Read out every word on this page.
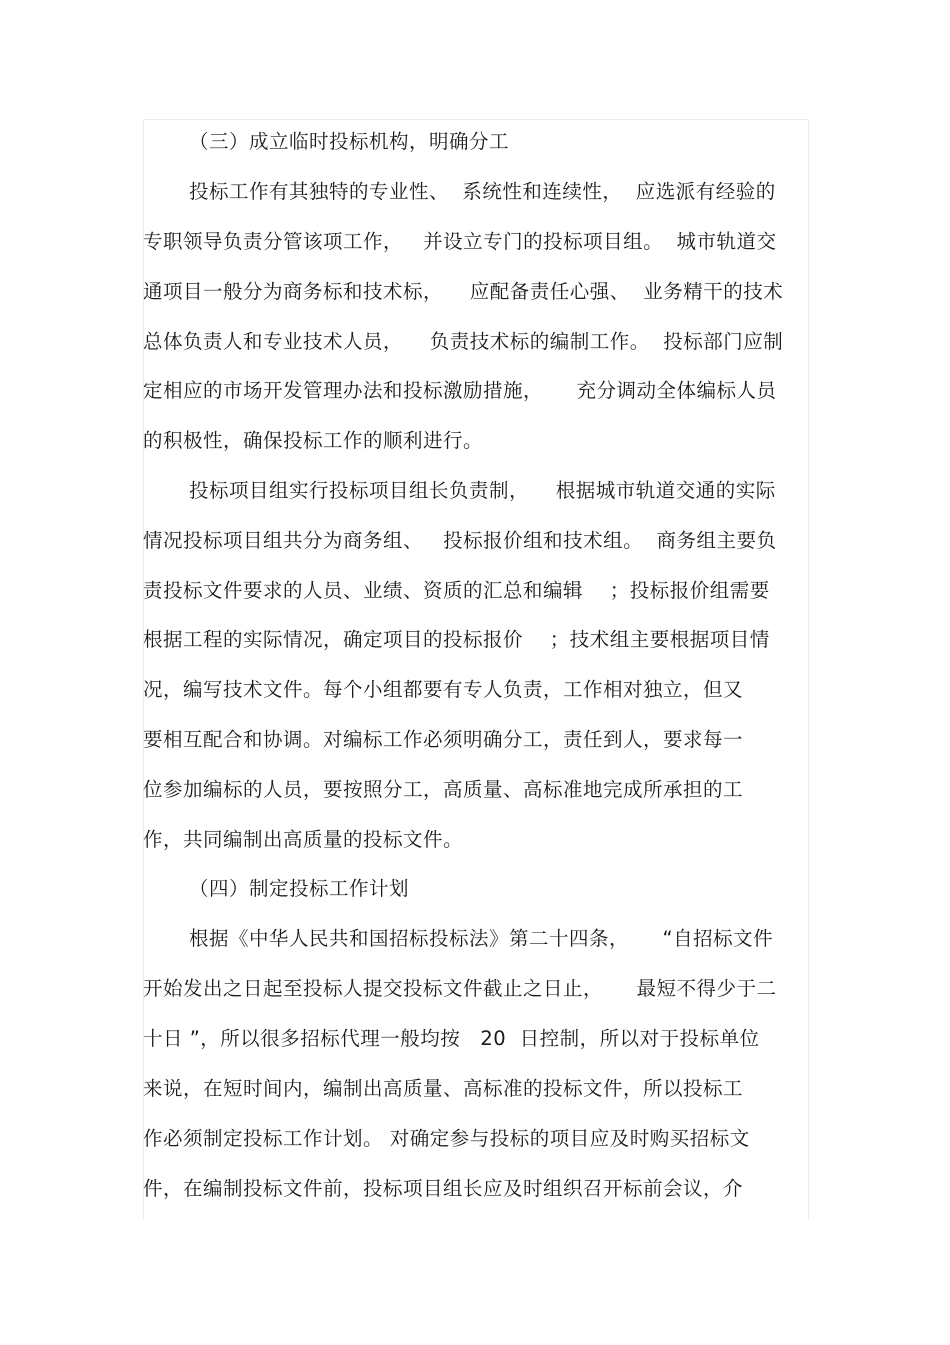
（三）成立临时投标机构，明确分工
投标工作有其独特的专业性、  系统性和连续性，  应选派有经验的
专职领导负责分管该项工作，   并设立专门的投标项目组。  城市轨道交
通项目一般分为商务标和技术标，    应配备责任心强、  业务精干的技术
总体负责人和专业技术人员，    负责技术标的编制工作。  投标部门应制
定相应的市场开发管理办法和投标激励措施，     充分调动全体编标人员
的积极性，确保投标工作的顺利进行。
投标项目组实行投标项目组长负责制，    根据城市轨道交通的实际
情况投标项目组共分为商务组、   投标报价组和技术组。  商务组主要负
责投标文件要求的人员、业绩、资质的汇总和编辑    ；投标报价组需要
根据工程的实际情况，确定项目的投标报价    ；技术组主要根据项目情
况，编写技术文件。每个小组都要有专人负责，工作相对独立，但又
要相互配合和协调。对编标工作必须明确分工，责任到人，要求每一
位参加编标的人员，要按照分工，高质量、高标准地完成所承担的工
作，共同编制出高质量的投标文件。
（四）制定投标工作计划
根据《中华人民共和国招标投标法》第二十四条，     “自招标文件
开始发出之日起至投标人提交投标文件截止之日止，     最短不得少于二
十日 ”，所以很多招标代理一般均按   20  日控制，所以对于投标单位
来说，在短时间内，编制出高质量、高标准的投标文件，所以投标工
作必须制定投标工作计划。 对确定参与投标的项目应及时购买招标文
件，在编制投标文件前，投标项目组长应及时组织召开标前会议，介
